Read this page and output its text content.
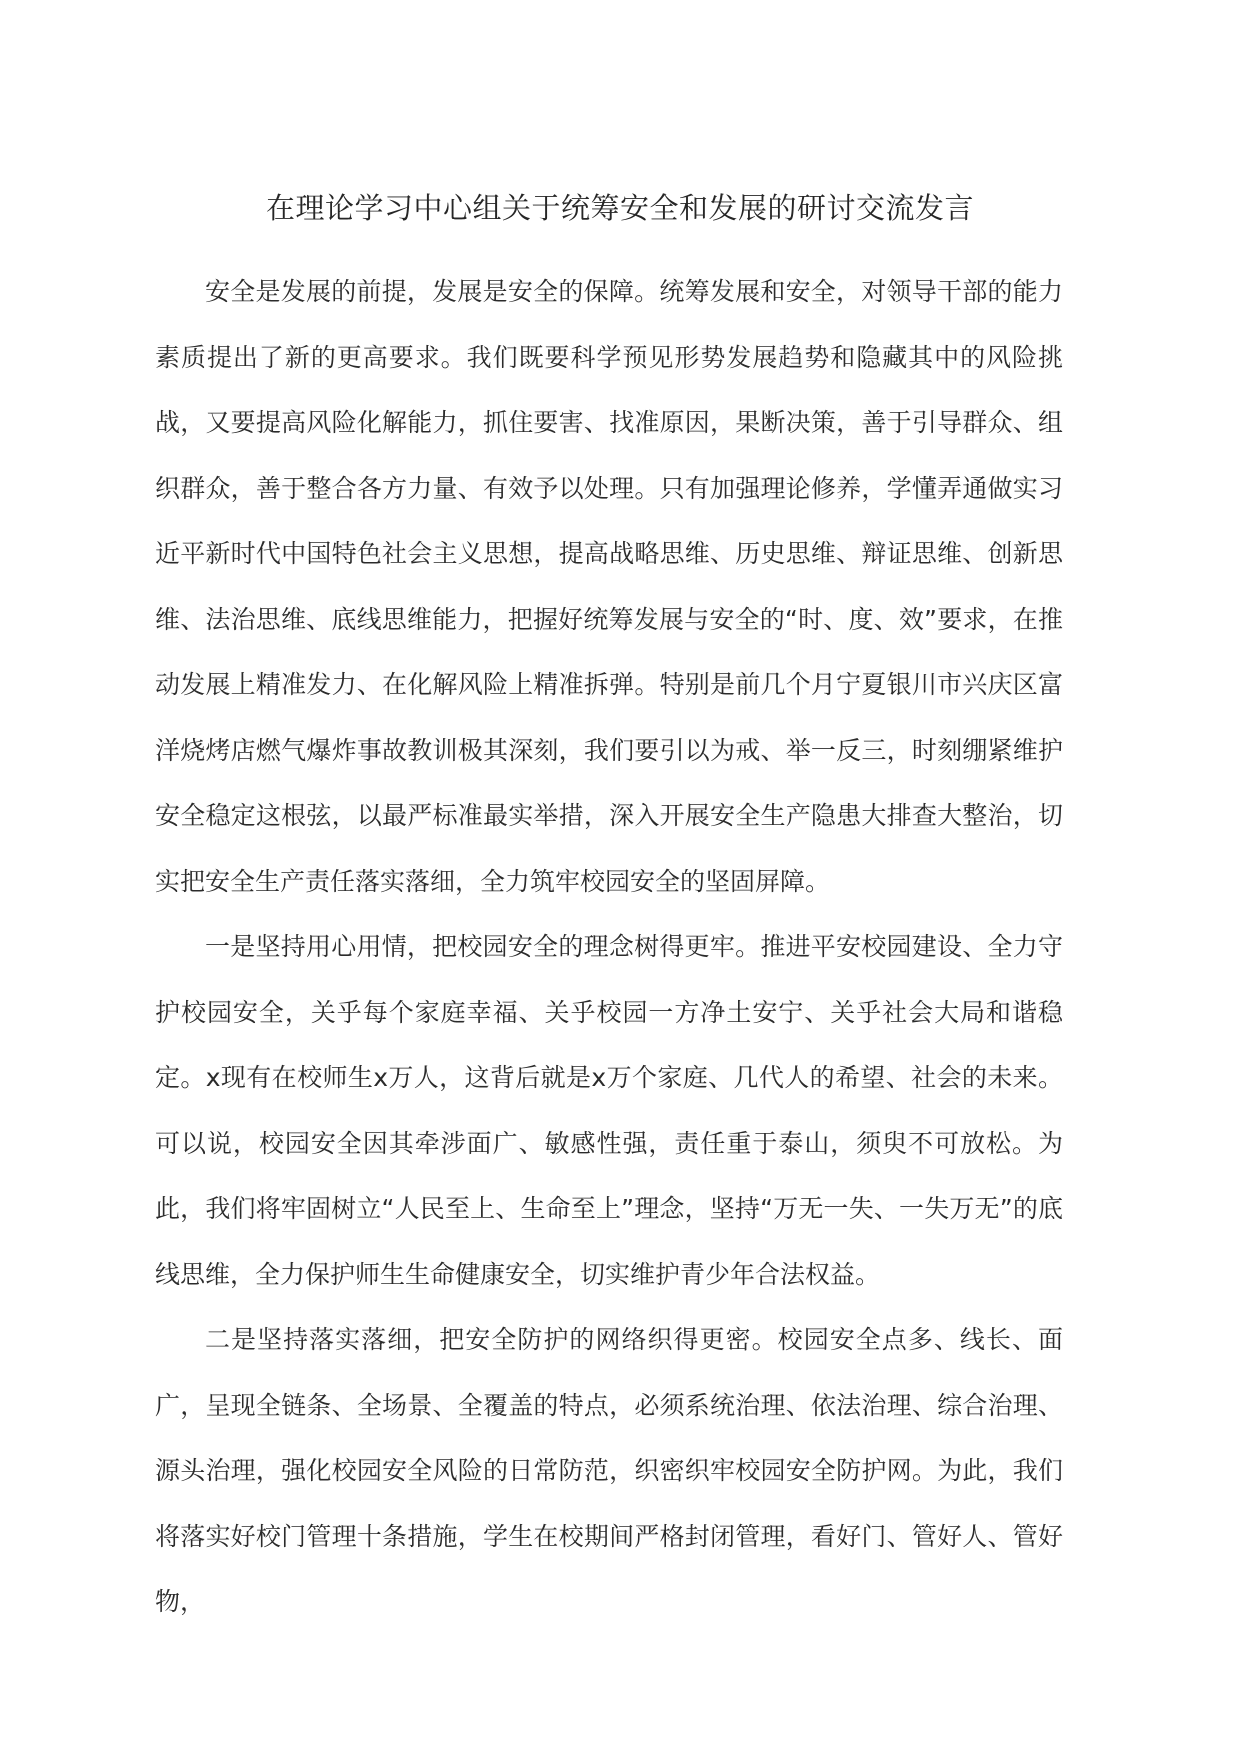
在理论学习中心组关于统筹安全和发展的研讨交流发言

安全是发展的前提，发展是安全的保障。统筹发展和安全，对领导干部的能力素质提出了新的更高要求。我们既要科学预见形势发展趋势和隐藏其中的风险挑战，又要提高风险化解能力，抓住要害、找准原因，果断决策，善于引导群众、组织群众，善于整合各方力量、有效予以处理。只有加强理论修养，学懂弄通做实习近平新时代中国特色社会主义思想，提高战略思维、历史思维、辩证思维、创新思维、法治思维、底线思维能力，把握好统筹发展与安全的“时、度、效”要求，在推动发展上精准发力、在化解风险上精准拆弹。特别是前几个月宁夏银川市兴庆区富洋烧烤店燃气爆炸事故教训极其深刻，我们要引以为戒、举一反三，时刻绷紧维护安全稳定这根弦，以最严标准最实举措，深入开展安全生产隐患大排查大整治，切实把安全生产责任落实落细，全力筑牢校园安全的坚固屏障。

一是坚持用心用情，把校园安全的理念树得更牢。推进平安校园建设、全力守护校园安全，关乎每个家庭幸福、关乎校园一方净土安宁、关乎社会大局和谐稳定。x现有在校师生x万人，这背后就是x万个家庭、几代人的希望、社会的未来。可以说，校园安全因其牵涉面广、敏感性强，责任重于泰山，须臾不可放松。为此，我们将牢固树立“人民至上、生命至上”理念，坚持“万无一失、一失万无”的底线思维，全力保护师生生命健康安全，切实维护青少年合法权益。

二是坚持落实落细，把安全防护的网络织得更密。校园安全点多、线长、面广，呈现全链条、全场景、全覆盖的特点，必须系统治理、依法治理、综合治理、源头治理，强化校园安全风险的日常防范，织密织牢校园安全防护网。为此，我们将落实好校门管理十条措施，学生在校期间严格封闭管理，看好门、管好人、管好物，
